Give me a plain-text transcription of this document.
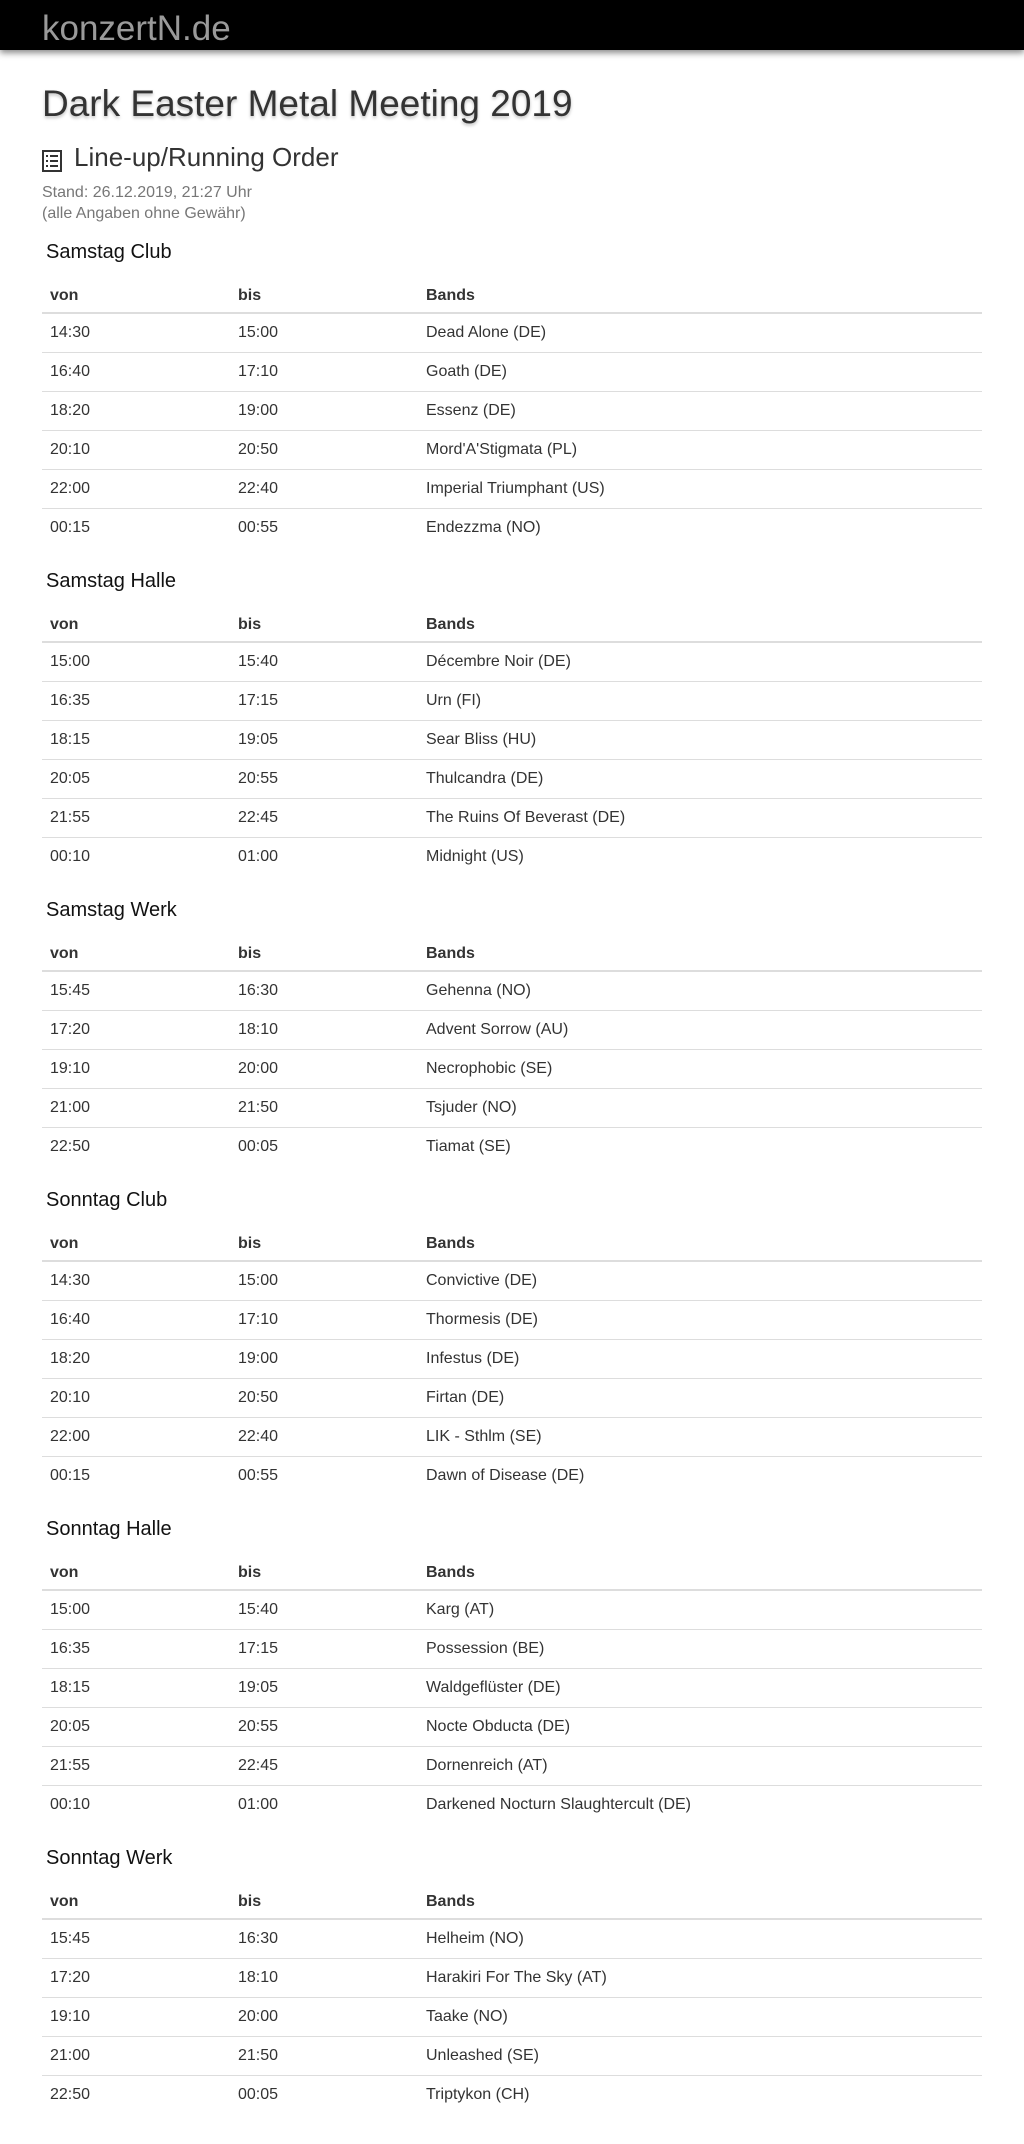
konzertN.de
Dark Easter Metal Meeting 2019
Line-up/Running Order
Stand: 26.12.2019, 21:27 Uhr
(alle Angaben ohne Gewähr)
Samstag Club
von	bis	Bands
14:30	15:00	Dead Alone (DE)
16:40	17:10	Goath (DE)
18:20	19:00	Essenz (DE)
20:10	20:50	Mord'A'Stigmata (PL)
22:00	22:40	Imperial Triumphant (US)
00:15	00:55	Endezzma (NO)
Samstag Halle
von	bis	Bands
15:00	15:40	Décembre Noir (DE)
16:35	17:15	Urn (FI)
18:15	19:05	Sear Bliss (HU)
20:05	20:55	Thulcandra (DE)
21:55	22:45	The Ruins Of Beverast (DE)
00:10	01:00	Midnight (US)
Samstag Werk
von	bis	Bands
15:45	16:30	Gehenna (NO)
17:20	18:10	Advent Sorrow (AU)
19:10	20:00	Necrophobic (SE)
21:00	21:50	Tsjuder (NO)
22:50	00:05	Tiamat (SE)
Sonntag Club
von	bis	Bands
14:30	15:00	Convictive (DE)
16:40	17:10	Thormesis (DE)
18:20	19:00	Infestus (DE)
20:10	20:50	Firtan (DE)
22:00	22:40	LIK - Sthlm (SE)
00:15	00:55	Dawn of Disease (DE)
Sonntag Halle
von	bis	Bands
15:00	15:40	Karg (AT)
16:35	17:15	Possession (BE)
18:15	19:05	Waldgeflüster (DE)
20:05	20:55	Nocte Obducta (DE)
21:55	22:45	Dornenreich (AT)
00:10	01:00	Darkened Nocturn Slaughtercult (DE)
Sonntag Werk
von	bis	Bands
15:45	16:30	Helheim (NO)
17:20	18:10	Harakiri For The Sky (AT)
19:10	20:00	Taake (NO)
21:00	21:50	Unleashed (SE)
22:50	00:05	Triptykon (CH)
